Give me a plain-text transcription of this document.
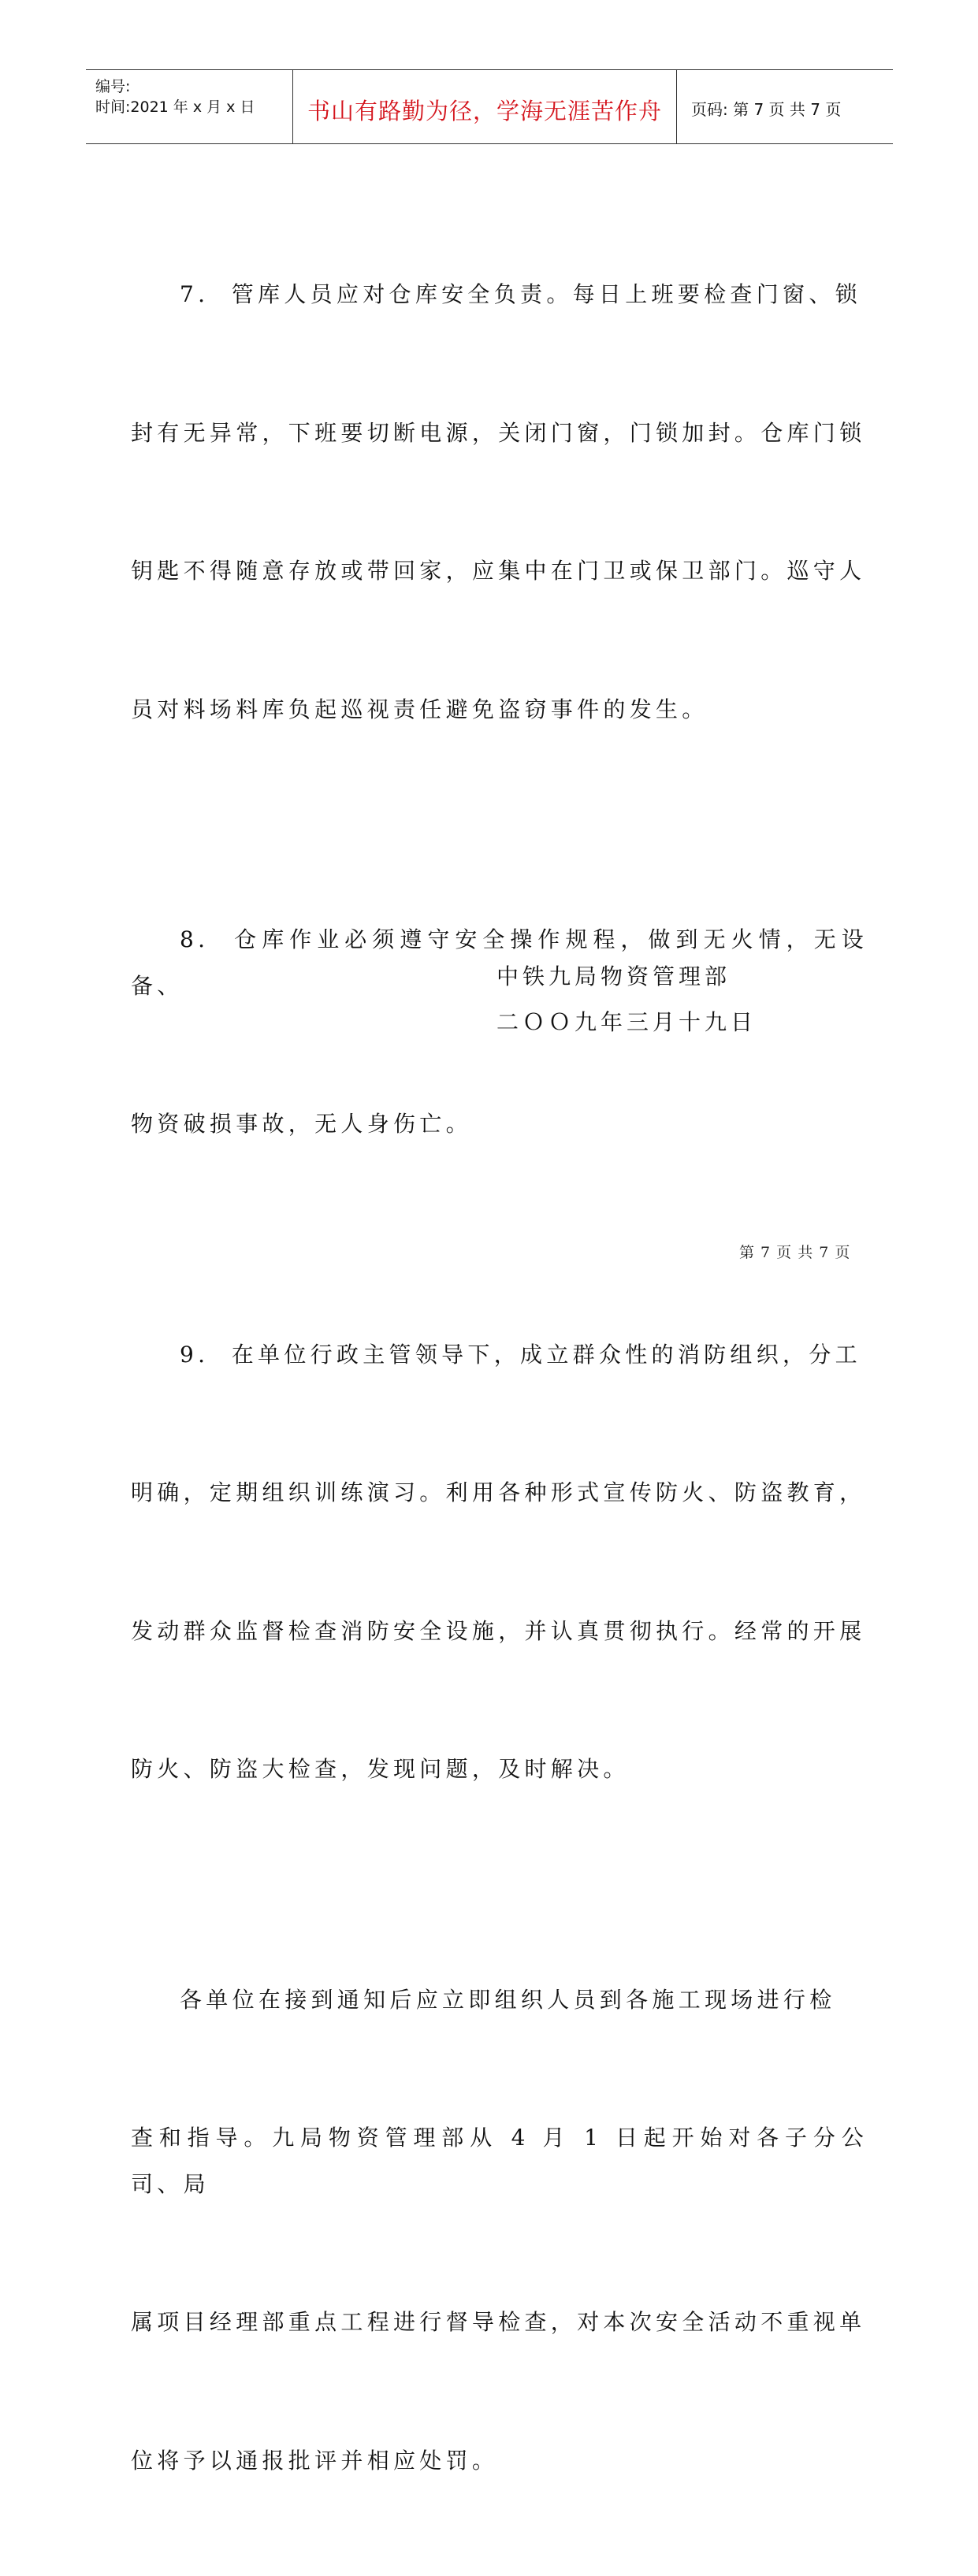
编号:
时间:2021 年 x 月 x 日	书山有路勤为径，学海无涯苦作舟	页码: 第 7 页 共 7 页

7.  管库人员应对仓库安全负责。每日上班要检查门窗、锁

封有无异常，下班要切断电源，关闭门窗，门锁加封。仓库门锁

钥匙不得随意存放或带回家，应集中在门卫或保卫部门。巡守人

员对料场料库负起巡视责任避免盗窃事件的发生。

8.  仓库作业必须遵守安全操作规程，做到无火情，无设备、

物资破损事故，无人身伤亡。

9.  在单位行政主管领导下，成立群众性的消防组织，分工

明确，定期组织训练演习。利用各种形式宣传防火、防盗教育，

发动群众监督检查消防安全设施，并认真贯彻执行。经常的开展

防火、防盗大检查，发现问题，及时解决。

各单位在接到通知后应立即组织人员到各施工现场进行检

查和指导。九局物资管理部从 4 月 1 日起开始对各子分公司、局

属项目经理部重点工程进行督导检查，对本次安全活动不重视单

位将予以通报批评并相应处罚。

中铁九局物资管理部
二ＯＯ九年三月十九日
第 7 页 共 7 页
